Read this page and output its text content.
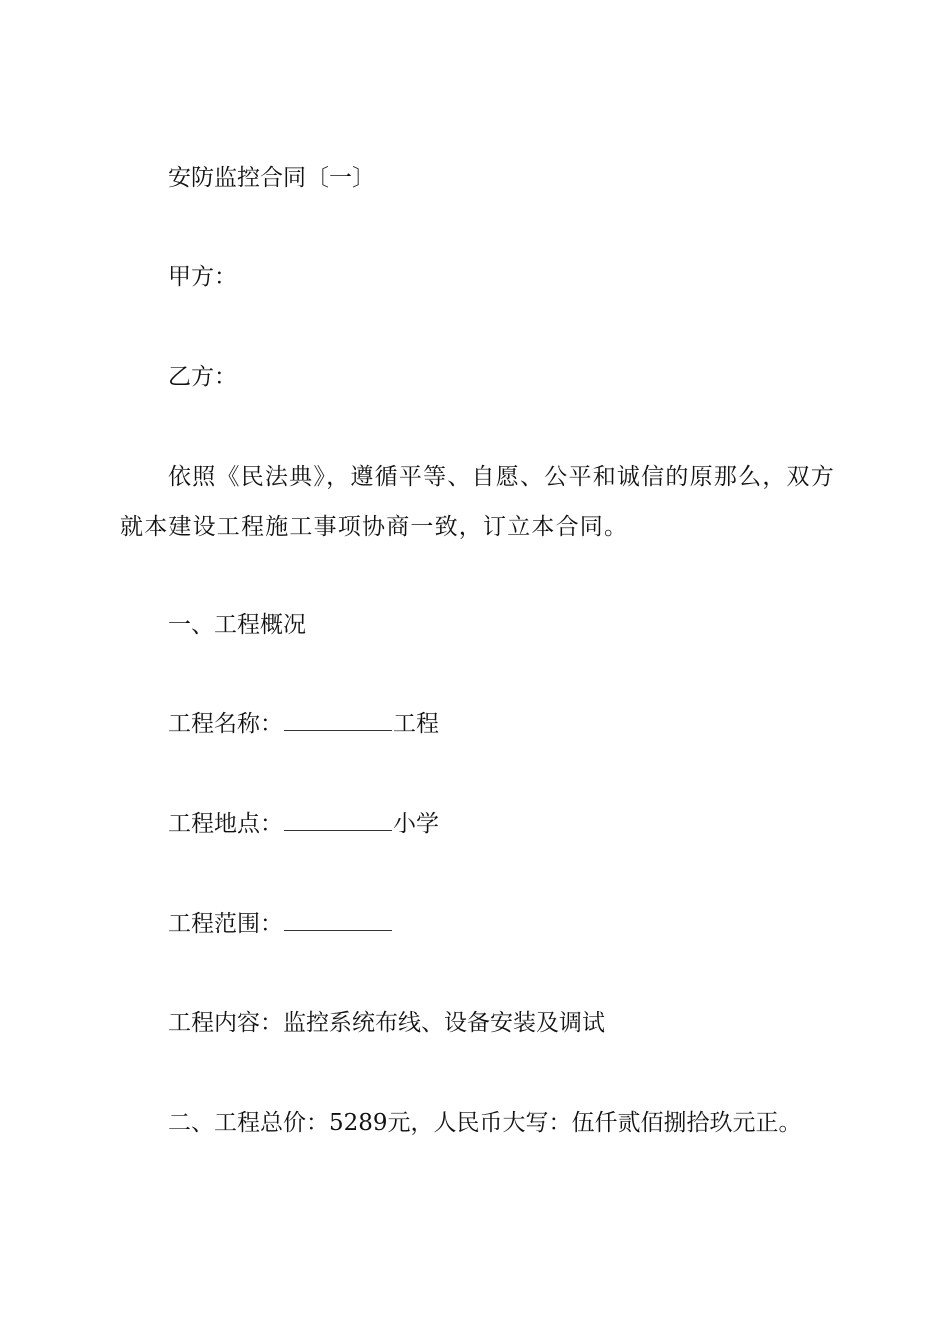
安防监控合同〔一〕
甲方：
乙方：
依照《民法典》，遵循平等、自愿、公平和诚信的原那么，双方就本建设工程施工事项协商一致，订立本合同。
一、工程概况
工程名称：	工程
工程地点：	小学
工程范围：
工程内容：监控系统布线、设备安装及调试
二、工程总价：5289元，人民币大写：伍仟贰佰捌拾玖元正。
